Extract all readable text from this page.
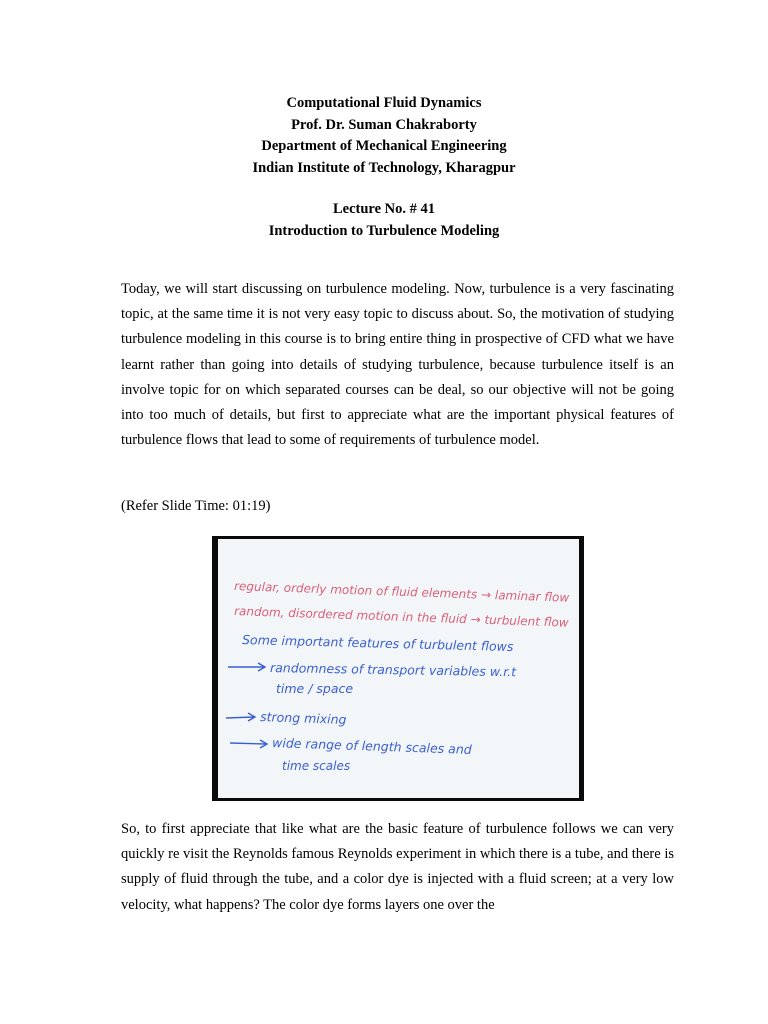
Computational Fluid Dynamics
Prof. Dr. Suman Chakraborty
Department of Mechanical Engineering
Indian Institute of Technology, Kharagpur
Lecture No. # 41
Introduction to Turbulence Modeling

Today, we will start discussing on turbulence modeling. Now, turbulence is a very fascinating topic, at the same time it is not very easy topic to discuss about. So, the motivation of studying turbulence modeling in this course is to bring entire thing in prospective of CFD what we have learnt rather than going into details of studying turbulence, because turbulence itself is an involve topic for on which separated courses can be deal, so our objective will not be going into too much of details, but first to appreciate what are the important physical features of turbulence flows that lead to some of requirements of turbulence model.

(Refer Slide Time: 01:19)
regular, orderly motion of fluid elements → laminar flow
random, disordered motion in the fluid → turbulent flow
Some important features of turbulent flows
randomness of transport variables w.r.t
time / space
strong mixing
wide range of length scales and
time scales

So, to first appreciate that like what are the basic feature of turbulence follows we can very quickly re visit the Reynolds famous Reynolds experiment in which there is a tube, and there is supply of fluid through the tube, and a color dye is injected with a fluid screen; at a very low velocity, what happens? The color dye forms layers one over the
